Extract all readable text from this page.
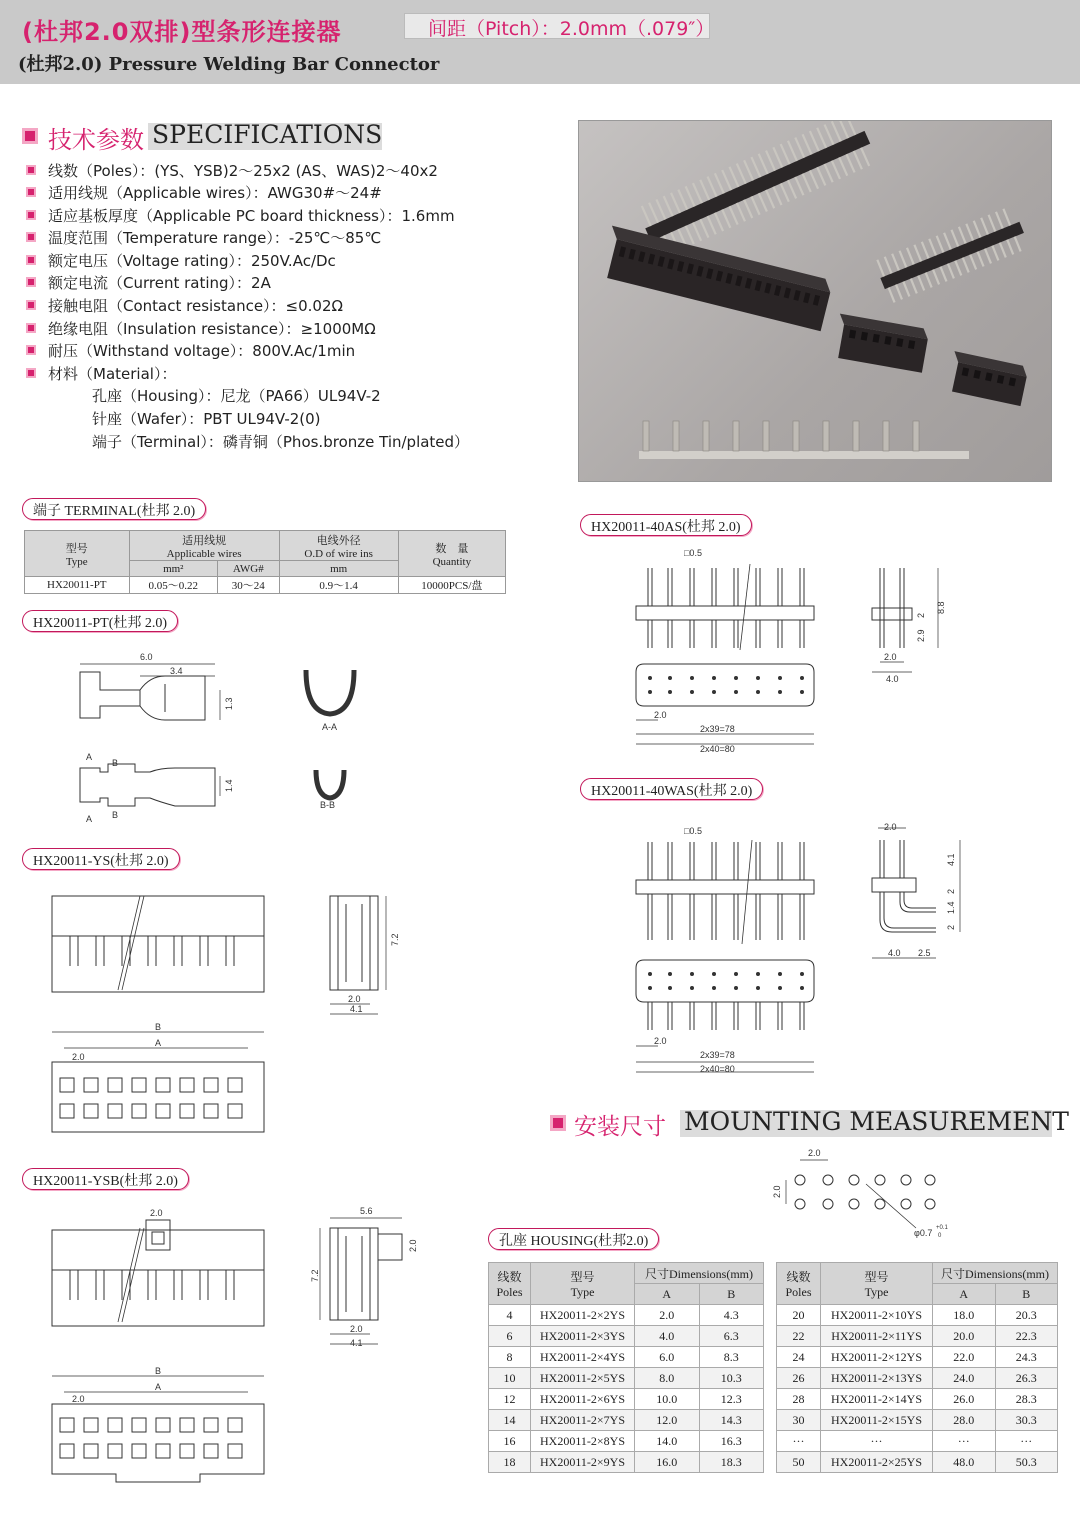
(杜邦2.0双排)型条形连接器	间距（Pitch）：2.0mm（.079″）
(杜邦2.0) Pressure Welding Bar Connector
技术参数 SPECIFICATIONS
线数（Poles）：(YS、YSB)2～25x2 (AS、WAS)2～40x2
适用线规（Applicable wires）：AWG30#～24#
适应基板厚度（Applicable PC board thickness）：1.6mm
温度范围（Temperature range）：-25℃～85℃
额定电压（Voltage rating）：250V.Ac/Dc
额定电流（Current rating）：2A
接触电阻（Contact resistance）：≤0.02Ω
绝缘电阻（Insulation resistance）：≥1000MΩ
耐压（Withstand voltage）：800V.Ac/1min
材料（Material）：
孔座（Housing）：尼龙（PA66）UL94V-2
针座（Wafer）：PBT UL94V-2(0)
端子（Terminal）：磷青铜（Phos.bronze Tin/plated）
端子 TERMINAL(杜邦 2.0)
型号
Type	适用线规
Applicable wires		电线外径
O.D of wire ins	数　量
Quantity
	mm²	AWG#	mm	
HX20011-PT	0.05～0.22	30～24	0.9～1.4	10000PCS/盘
HX20011-PT(杜邦 2.0)
HX20011-YS(杜邦 2.0)
HX20011-YSB(杜邦 2.0)
HX20011-40AS(杜邦 2.0)
HX20011-40WAS(杜邦 2.0)
孔座 HOUSING(杜邦2.0)
6.0
3.4
1.3
1.4
A-A
B-B
A
B
A B
7.2
2.0
4.1
B
A
2.0
2.0	5.6
2.0
7.2
2.0
4.1
B
A
2.0
□0.5
8.8
2
2.9
2.0
4.0
2.0
2x39=78
2x40=80
□0.5	2.0
4.1
2
1.4
2
4.0 2.5
2.0
2x39=78
2x40=80
2.0
2.0
φ0.7 +0.1
0
安装尺寸 MOUNTING MEASUREMENT
线数
Poles	型号
Type	尺寸Dimensions(mm)	
		A	B
4	HX20011-2×2YS	2.0	4.3
6	HX20011-2×3YS	4.0	6.3
8	HX20011-2×4YS	6.0	8.3
10	HX20011-2×5YS	8.0	10.3
12	HX20011-2×6YS	10.0	12.3
14	HX20011-2×7YS	12.0	14.3
16	HX20011-2×8YS	14.0	16.3
18	HX20011-2×9YS	16.0	18.3
线数
Poles	型号
Type	尺寸Dimensions(mm)	
		A	B
20	HX20011-2×10YS	18.0	20.3
22	HX20011-2×11YS	20.0	22.3
24	HX20011-2×12YS	22.0	24.3
26	HX20011-2×13YS	24.0	26.3
28	HX20011-2×14YS	26.0	28.3
30	HX20011-2×15YS	28.0	30.3
···	···	···	···
50	HX20011-2×25YS	48.0	50.3
